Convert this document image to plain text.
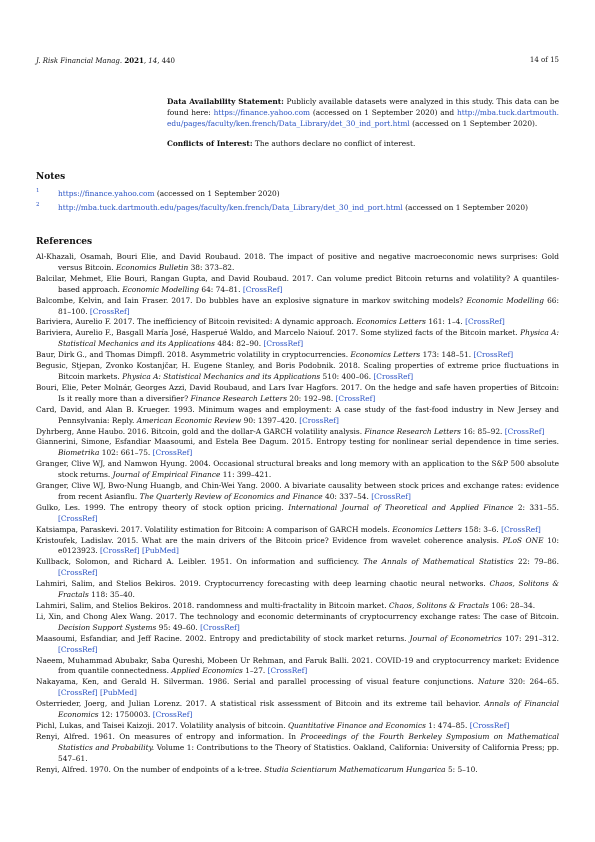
J. Risk Financial Manag. 2021, 14, 440	14 of 15

Data Availability Statement: Publicly available datasets were analyzed in this study. This data can be found here: https://finance.yahoo.com (accessed on 1 September 2020) and http://mba.tuck.dartmouth.edu/pages/faculty/ken.french/Data_Library/det_30_ind_port.html (accessed on 1 September 2020).

Conflicts of Interest: The authors declare no conflict of interest.

Notes
1	https://finance.yahoo.com (accessed on 1 September 2020)
2	http://mba.tuck.dartmouth.edu/pages/faculty/ken.french/Data_Library/det_30_ind_port.html (accessed on 1 September 2020)
References

Al-Khazali, Osamah, Bouri Elie, and David Roubaud. 2018. The impact of positive and negative macroeconomic news surprises: Gold versus Bitcoin. Economics Bulletin 38: 373–82.

Balcilar, Mehmet, Elie Bouri, Rangan Gupta, and David Roubaud. 2017. Can volume predict Bitcoin returns and volatility? A quantiles-based approach. Economic Modelling 64: 74–81. [CrossRef]

Balcombe, Kelvin, and Iain Fraser. 2017. Do bubbles have an explosive signature in markov switching models? Economic Modelling 66: 81–100. [CrossRef]

Bariviera, Aurelio F. 2017. The inefficiency of Bitcoin revisited: A dynamic approach. Economics Letters 161: 1–4. [CrossRef]

Bariviera, Aurelio F., Basgall María José, Hasperué Waldo, and Marcelo Naiouf. 2017. Some stylized facts of the Bitcoin market. Physica A: Statistical Mechanics and its Applications 484: 82–90. [CrossRef]

Baur, Dirk G., and Thomas Dimpfl. 2018. Asymmetric volatility in cryptocurrencies. Economics Letters 173: 148–51. [CrossRef]

Begusic, Stjepan, Zvonko Kostanjčar, H. Eugene Stanley, and Boris Podobnik. 2018. Scaling properties of extreme price fluctuations in Bitcoin markets. Physica A: Statistical Mechanics and its Applications 510: 400–06. [CrossRef]

Bouri, Elie, Peter Molnár, Georges Azzi, David Roubaud, and Lars Ivar Hagfors. 2017. On the hedge and safe haven properties of Bitcoin: Is it really more than a diversifier? Finance Research Letters 20: 192–98. [CrossRef]

Card, David, and Alan B. Krueger. 1993. Minimum wages and employment: A case study of the fast-food industry in New Jersey and Pennsylvania: Reply. American Economic Review 90: 1397–420. [CrossRef]

Dyhrberg, Anne Haubo. 2016. Bitcoin, gold and the dollar-A GARCH volatility analysis. Finance Research Letters 16: 85–92. [CrossRef]

Giannerini, Simone, Esfandiar Maasoumi, and Estela Bee Dagum. 2015. Entropy testing for nonlinear serial dependence in time series. Biometrika 102: 661–75. [CrossRef]

Granger, Clive WJ, and Namwon Hyung. 2004. Occasional structural breaks and long memory with an application to the S&P 500 absolute stock returns. Journal of Empirical Finance 11: 399–421.

Granger, Clive WJ, Bwo-Nung Huangb, and Chin-Wei Yang. 2000. A bivariate causality between stock prices and exchange rates: evidence from recent Asianflu. The Quarterly Review of Economics and Finance 40: 337–54. [CrossRef]

Gulko, Les. 1999. The entropy theory of stock option pricing. International Journal of Theoretical and Applied Finance 2: 331–55. [CrossRef]

Katsiampa, Paraskevi. 2017. Volatility estimation for Bitcoin: A comparison of GARCH models. Economics Letters 158: 3–6. [CrossRef]

Kristoufek, Ladislav. 2015. What are the main drivers of the Bitcoin price? Evidence from wavelet coherence analysis. PLoS ONE 10: e0123923. [CrossRef] [PubMed]

Kullback, Solomon, and Richard A. Leibler. 1951. On information and sufficiency. The Annals of Mathematical Statistics 22: 79–86. [CrossRef]

Lahmiri, Salim, and Stelios Bekiros. 2019. Cryptocurrency forecasting with deep learning chaotic neural networks. Chaos, Solitons & Fractals 118: 35–40.

Lahmiri, Salim, and Stelios Bekiros. 2018. randomness and multi-fractality in Bitcoin market. Chaos, Solitons & Fractals 106: 28–34.

Li, Xin, and Chong Alex Wang. 2017. The technology and economic determinants of cryptocurrency exchange rates: The case of Bitcoin. Decision Support Systems 95: 49–60. [CrossRef]

Maasoumi, Esfandiar, and Jeff Racine. 2002. Entropy and predictability of stock market returns. Journal of Econometrics 107: 291–312. [CrossRef]

Naeem, Muhammad Abubakr, Saba Qureshi, Mobeen Ur Rehman, and Faruk Balli. 2021. COVID-19 and cryptocurrency market: Evidence from quantile connectedness. Applied Economics 1–27. [CrossRef]

Nakayama, Ken, and Gerald H. Silverman. 1986. Serial and parallel processing of visual feature conjunctions. Nature 320: 264–65. [CrossRef] [PubMed]

Osterrieder, Joerg, and Julian Lorenz. 2017. A statistical risk assessment of Bitcoin and its extreme tail behavior. Annals of Financial Economics 12: 1750003. [CrossRef]

Pichl, Lukas, and Taisei Kaizoji. 2017. Volatility analysis of bitcoin. Quantitative Finance and Economics 1: 474–85. [CrossRef]

Renyi, Alfred. 1961. On measures of entropy and information. In Proceedings of the Fourth Berkeley Symposium on Mathematical Statistics and Probability. Volume 1: Contributions to the Theory of Statistics. Oakland, California: University of California Press; pp. 547–61.

Renyi, Alfred. 1970. On the number of endpoints of a k-tree. Studia Scientiarum Mathematicarum Hungarica 5: 5–10.
